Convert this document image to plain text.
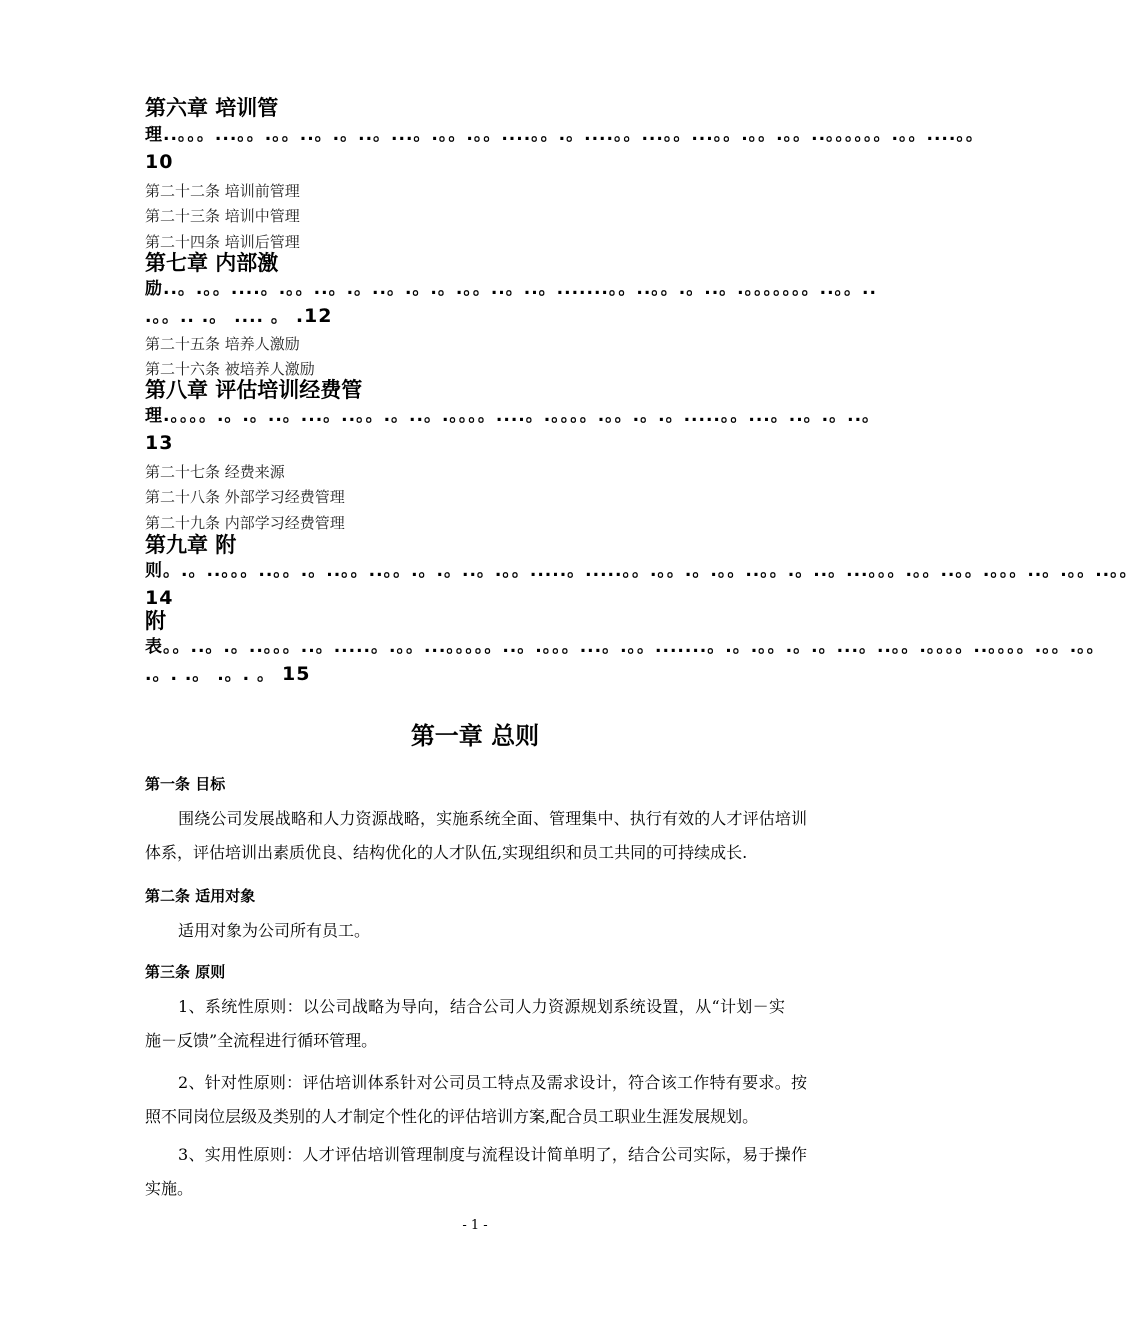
第六章 培训管
理..。。。...。。.。。..。.。..。...。.。。.。。....。。.。....。。...。。...。。.。。.。。..。。。。。。.。。....。。 10
第二十二条 培训前管理
第二十三条 培训中管理
第二十四条 培训后管理
第七章 内部激
励..。.。。....。.。。..。.。..。.。.。.。。..。..。.......。。..。。.。..。.。。。。。。。..。。.. .。。.. .。 .... 。 .12
第二十五条 培养人激励
第二十六条 被培养人激励
第八章 评估培训经费管
理.。。。。.。.。..。...。..。。.。..。.。。。。....。.。。。。.。。.。.。.....。。...。..。.。..。 13
第二十七条 经费来源
第二十八条 外部学习经费管理
第二十九条 内部学习经费管理
第九章 附
则。.。..。。。..。。.。..。。..。。.。.。..。.。。.....。.....。。.。。.。.。。..。。.。..。...。。。.。。..。。.。。。..。.。。..。。 14
附
表。。..。.。..。。。..。.....。.。。...。。。。。..。.。。。...。.。。.......。.。.。。.。.。...。..。。.。。。。..。。。。.。。.。。 .。. .。 .。. 。 15
第一章 总则
第一条 目标
围绕公司发展战略和人力资源战略，实施系统全面、管理集中、执行有效的人才评估培训体系，评估培训出素质优良、结构优化的人才队伍,实现组织和员工共同的可持续成长.
第二条 适用对象
适用对象为公司所有员工。
第三条 原则
1、系统性原则：以公司战略为导向，结合公司人力资源规划系统设置，从“计划－实施－反馈”全流程进行循环管理。
2、针对性原则：评估培训体系针对公司员工特点及需求设计，符合该工作特有要求。按照不同岗位层级及类别的人才制定个性化的评估培训方案,配合员工职业生涯发展规划。
3、实用性原则：人才评估培训管理制度与流程设计简单明了，结合公司实际，易于操作实施。
- 1 -
